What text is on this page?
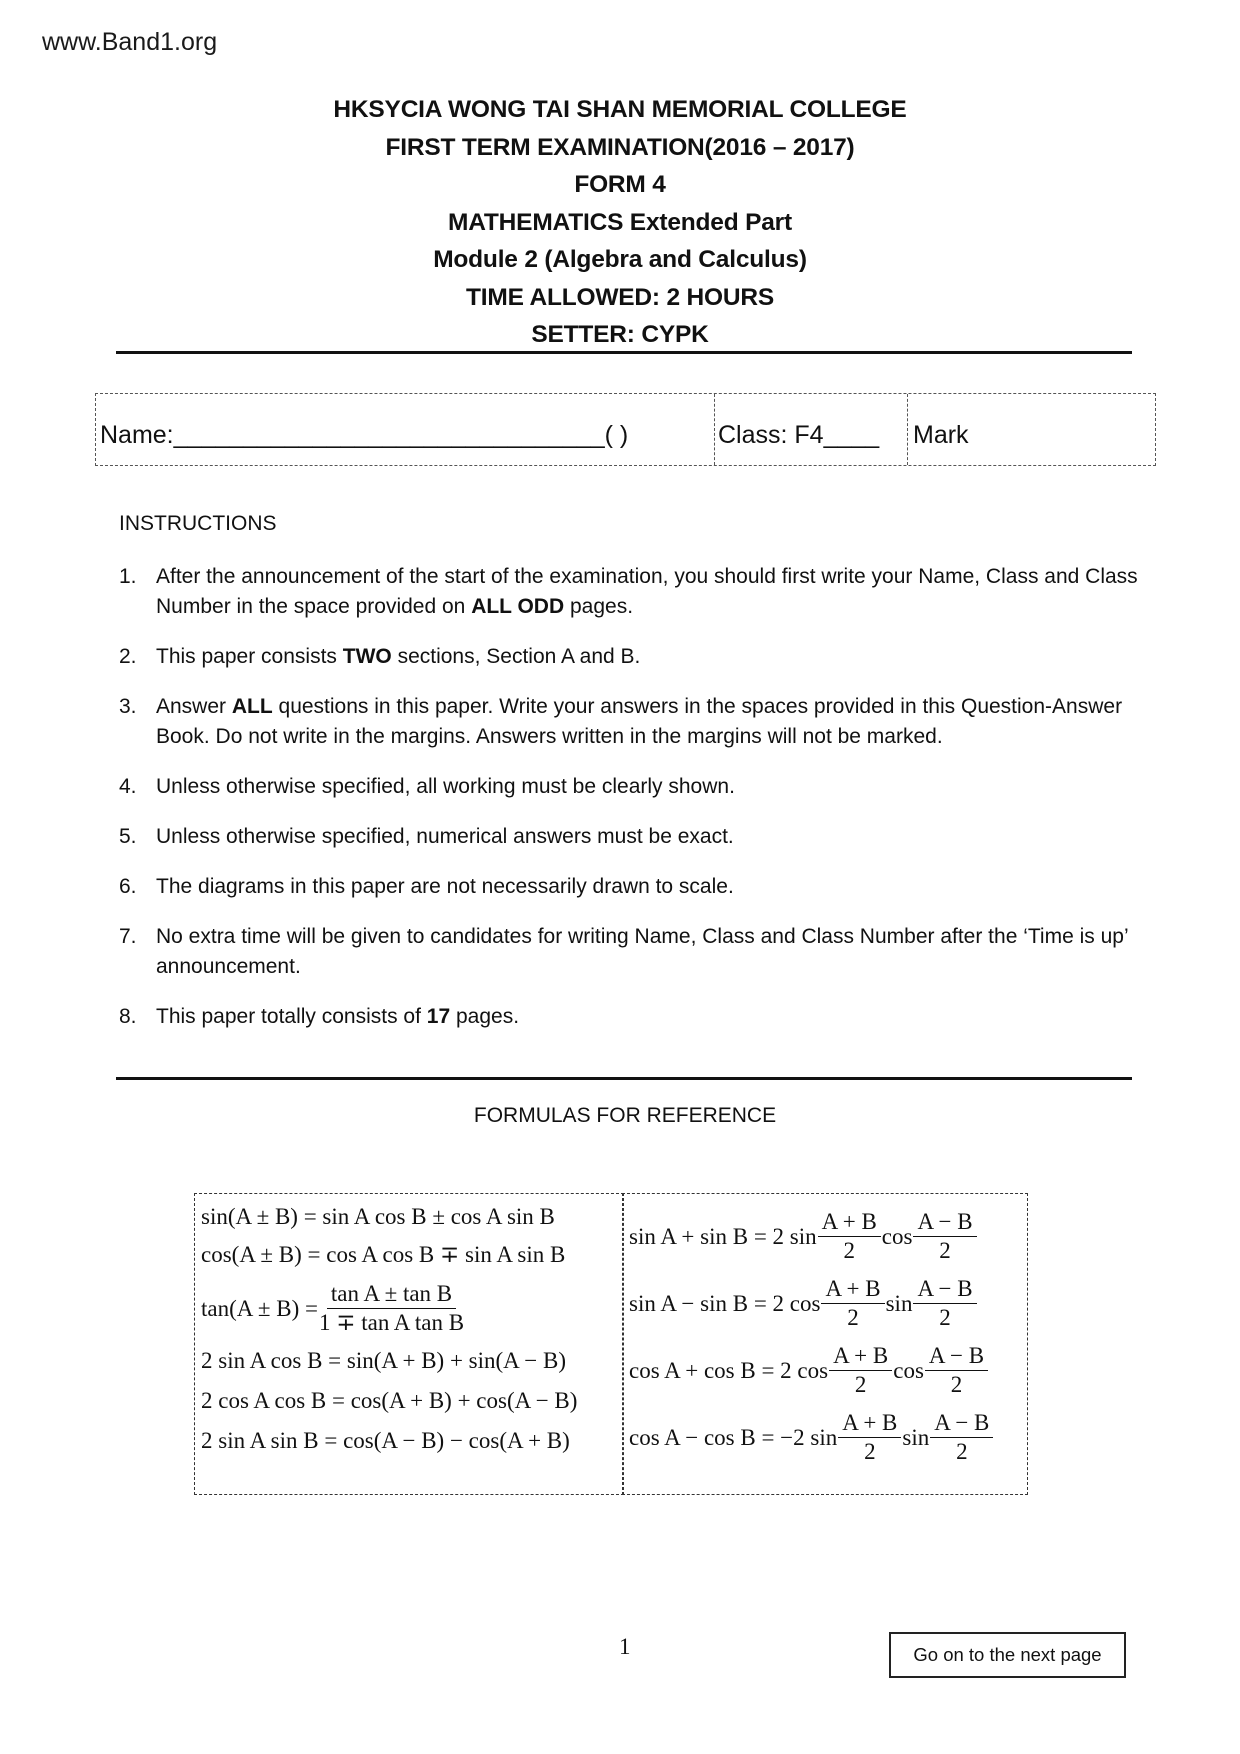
www.Band1.org
HKSYCIA WONG TAI SHAN MEMORIAL COLLEGE
FIRST TERM EXAMINATION(2016 – 2017)
FORM 4
MATHEMATICS Extended Part
Module 2 (Algebra and Calculus)
TIME ALLOWED: 2 HOURS
SETTER: CYPK
Name:_______________________________( )	Class: F4____	Mark
INSTRUCTIONS
1. After the announcement of the start of the examination, you should first write your Name, Class and Class Number in the space provided on ALL ODD pages.
2. This paper consists TWO sections, Section A and B.
3. Answer ALL questions in this paper. Write your answers in the spaces provided in this Question-Answer Book. Do not write in the margins. Answers written in the margins will not be marked.
4. Unless otherwise specified, all working must be clearly shown.
5. Unless otherwise specified, numerical answers must be exact.
6. The diagrams in this paper are not necessarily drawn to scale.
7. No extra time will be given to candidates for writing Name, Class and Class Number after the ‘Time is up’ announcement.
8. This paper totally consists of 17 pages.
FORMULAS FOR REFERENCE
sin(A ± B) = sin A cos B ± cos A sin B
cos(A ± B) = cos A cos B ∓ sin A sin B
$\tan(A \pm B) = \frac{\text{tan A ± tan B}}{\text{1 ∓ tan A tan B}}$
2 sin A cos B = sin(A + B) + sin(A − B)
2 cos A cos B = cos(A + B) + cos(A − B)
2 sin A sin B = cos(A − B) − cos(A + B)
sin A + sin B = 2 $\sin \frac{A + B}{2}$ $\cos \frac{A - B}{2}$
sin A − sin B = 2 $\cos \frac{A + B}{2}$ $\sin \frac{A - B}{2}$
cos A + cos B = 2 $\cos \frac{A + B}{2}$ $\cos \frac{A - B}{2}$
cos A − cos B = −2 $\sin \frac{A + B}{2}$ $\sin \frac{A - B}{2}$
1	Go on to the next page
